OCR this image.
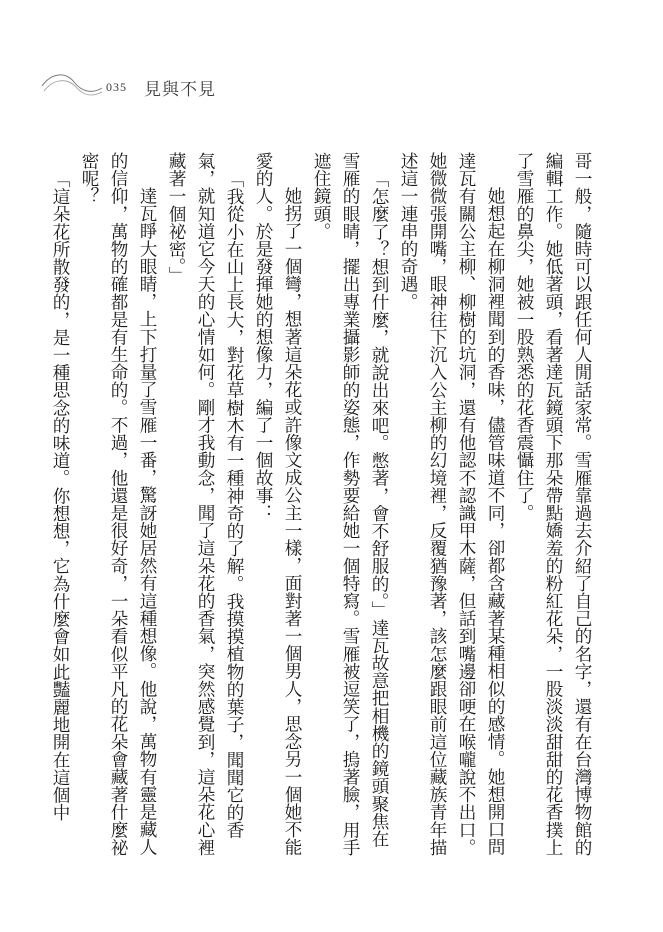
035 見與不見

哥一般，隨時可以跟任何人閒話家常。雪雁靠過去介紹了自己的名字，還有在台灣博物館的編輯工作。她低著頭，看著達瓦鏡頭下那朵帶點嬌羞的粉紅花朵，一股淡淡甜甜的花香撲上了雪雁的鼻尖，她被一股熟悉的花香震懾住了。

她想起在柳洞裡聞到的香味，儘管味道不同，卻都含藏著某種相似的感情。她想開口問達瓦有關公主柳、柳樹的坑洞，還有他認不認識甲木薩，但話到嘴邊卻哽在喉嚨說不出口。她微微張開嘴，眼神往下沉入公主柳的幻境裡，反覆猶豫著，該怎麼跟眼前這位藏族青年描述這一連串的奇遇。

「怎麼了？想到什麼，就說出來吧。憋著，會不舒服的。」達瓦故意把相機的鏡頭聚焦在雪雁的眼睛，擺出專業攝影師的姿態，作勢要給她一個特寫。雪雁被逗笑了，摀著臉，用手遮住鏡頭。

她拐了一個彎，想著這朵花或許像文成公主一樣，面對著一個男人，思念另一個她不能愛的人。於是發揮她的想像力，編了一個故事：

「我從小在山上長大，對花草樹木有一種神奇的了解。我摸摸植物的葉子，聞聞它的香氣，就知道它今天的心情如何。剛才我動念，聞了這朵花的香氣，突然感覺到，這朵花心裡藏著一個祕密。」

達瓦睜大眼睛，上下打量了雪雁一番，驚訝她居然有這種想像。他說，萬物有靈是藏人的信仰，萬物的確都是有生命的。不過，他還是很好奇，一朵看似平凡的花朵會藏著什麼祕密呢？

「這朵花所散發的，是一種思念的味道。你想想，它為什麼會如此豔麗地開在這個中
